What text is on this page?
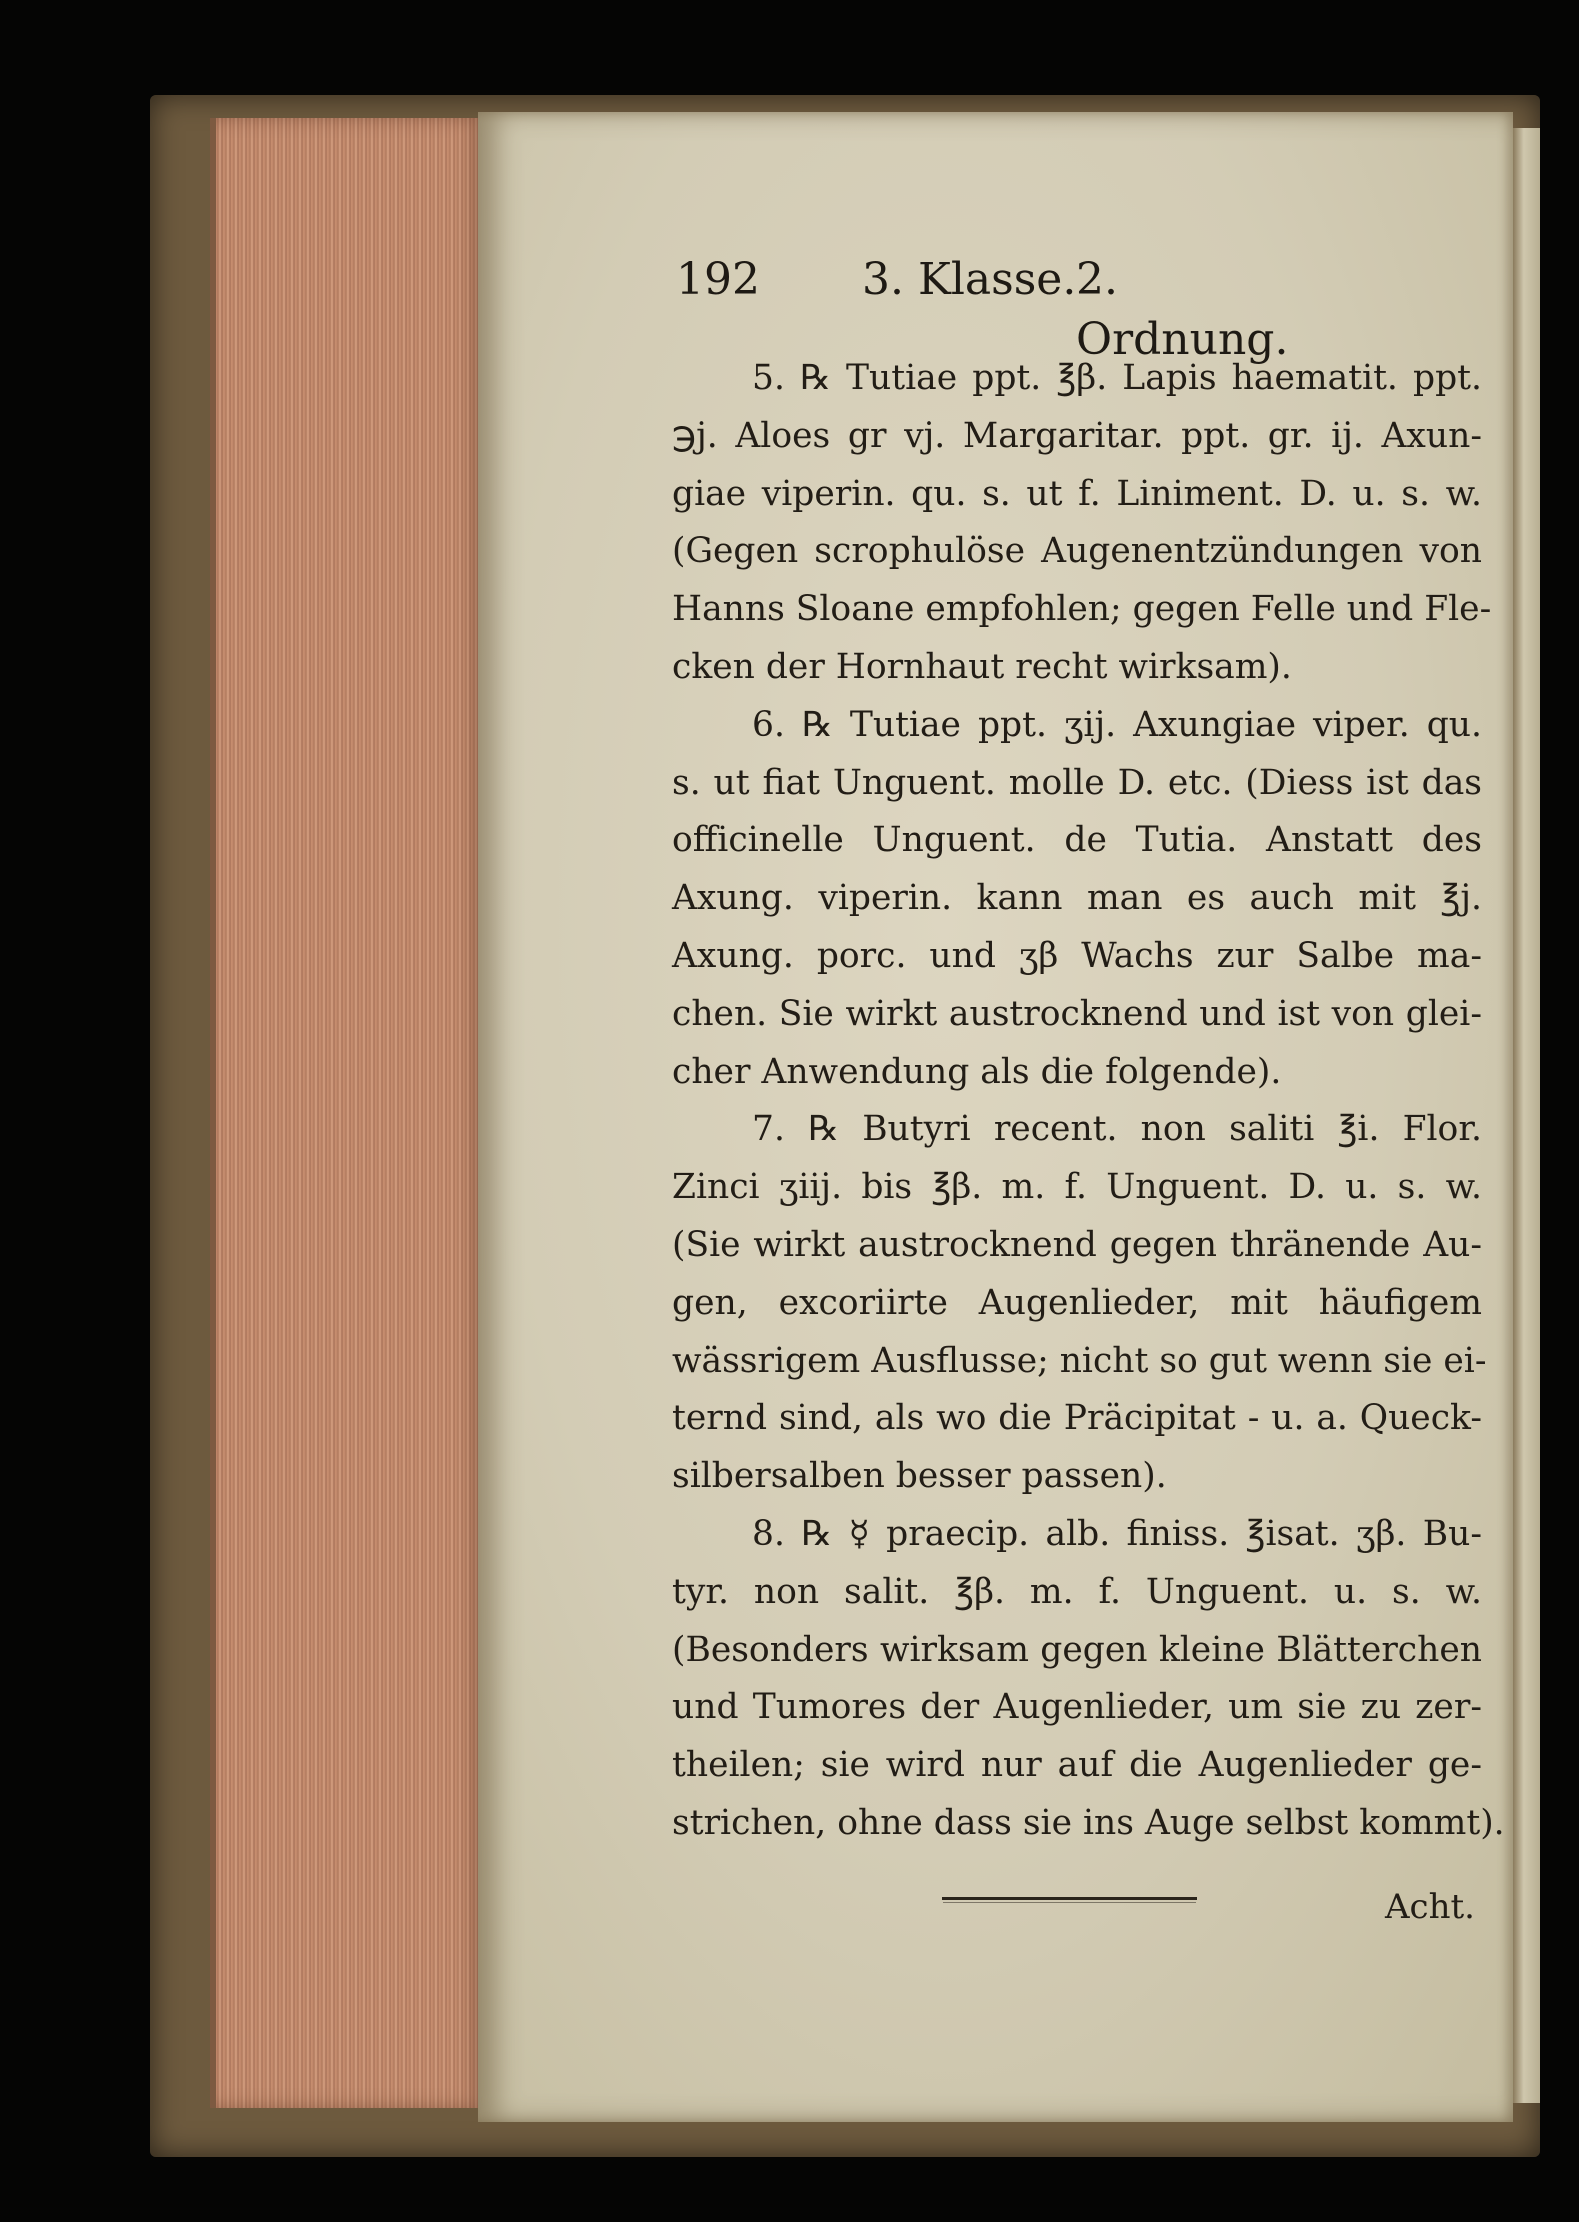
192 3. Klasse. 2. Ordnung.
5. ℞ Tutiae ppt. ℥β. Lapis haematit. ppt.
℈j. Aloes gr vj. Margaritar. ppt. gr. ij. Axun-
giae viperin. qu. s. ut f. Liniment. D. u. s. w.
(Gegen scrophulöse Augenentzündungen von
Hanns Sloane empfohlen; gegen Felle und Fle-
cken der Hornhaut recht wirksam).
6. ℞ Tutiae ppt. ʒij. Axungiae viper. qu.
s. ut fiat Unguent. molle D. etc. (Diess ist das
officinelle Unguent. de Tutia. Anstatt des
Axung. viperin. kann man es auch mit ℥j.
Axung. porc. und ʒβ Wachs zur Salbe ma-
chen. Sie wirkt austrocknend und ist von glei-
cher Anwendung als die folgende).
7. ℞ Butyri recent. non saliti ℥i. Flor.
Zinci ʒiij. bis ℥β. m. f. Unguent. D. u. s. w.
(Sie wirkt austrocknend gegen thränende Au-
gen, excoriirte Augenlieder, mit häufigem
wässrigem Ausflusse; nicht so gut wenn sie ei-
ternd sind, als wo die Präcipitat - u. a. Queck-
silbersalben besser passen).
8. ℞ ☿ praecip. alb. finiss. ℥isat. ʒβ. Bu-
tyr. non salit. ℥β. m. f. Unguent. u. s. w.
(Besonders wirksam gegen kleine Blätterchen
und Tumores der Augenlieder, um sie zu zer-
theilen; sie wird nur auf die Augenlieder ge-
strichen, ohne dass sie ins Auge selbst kommt).
Acht.
